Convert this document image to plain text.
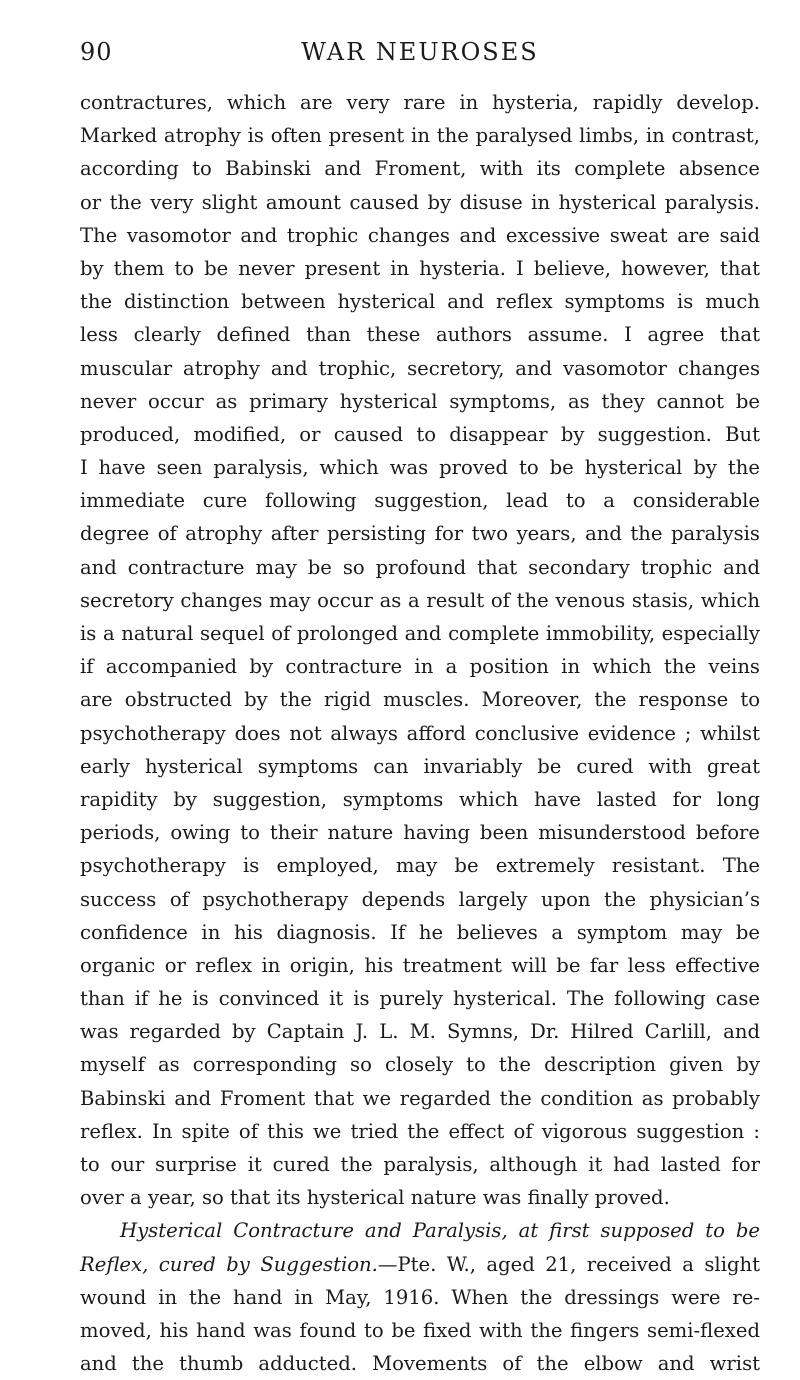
90	WAR NEUROSES
contractures, which are very rare in hysteria, rapidly develop.
Marked atrophy is often present in the paralysed limbs, in contrast,
according to Babinski and Froment, with its complete absence
or the very slight amount caused by disuse in hysterical paralysis.
The vasomotor and trophic changes and excessive sweat are said
by them to be never present in hysteria. I believe, however, that
the distinction between hysterical and reflex symptoms is much
less clearly defined than these authors assume. I agree that
muscular atrophy and trophic, secretory, and vasomotor changes
never occur as primary hysterical symptoms, as they cannot be
produced, modified, or caused to disappear by suggestion. But
I have seen paralysis, which was proved to be hysterical by the
immediate cure following suggestion, lead to a considerable
degree of atrophy after persisting for two years, and the paralysis
and contracture may be so profound that secondary trophic and
secretory changes may occur as a result of the venous stasis, which
is a natural sequel of prolonged and complete immobility, especially
if accompanied by contracture in a position in which the veins
are obstructed by the rigid muscles. Moreover, the response to
psychotherapy does not always afford conclusive evidence ; whilst
early hysterical symptoms can invariably be cured with great
rapidity by suggestion, symptoms which have lasted for long
periods, owing to their nature having been misunderstood before
psychotherapy is employed, may be extremely resistant. The
success of psychotherapy depends largely upon the physician’s
confidence in his diagnosis. If he believes a symptom may be
organic or reflex in origin, his treatment will be far less effective
than if he is convinced it is purely hysterical. The following case
was regarded by Captain J. L. M. Symns, Dr. Hilred Carlill, and
myself as corresponding so closely to the description given by
Babinski and Froment that we regarded the condition as probably
reflex. In spite of this we tried the effect of vigorous suggestion :
to our surprise it cured the paralysis, although it had lasted for
over a year, so that its hysterical nature was finally proved.
Hysterical Contracture and Paralysis, at first supposed to be
Reflex, cured by Suggestion.—Pte. W., aged 21, received a slight
wound in the hand in May, 1916. When the dressings were re-
moved, his hand was found to be fixed with the fingers semi-flexed
and the thumb adducted. Movements of the elbow and wrist
